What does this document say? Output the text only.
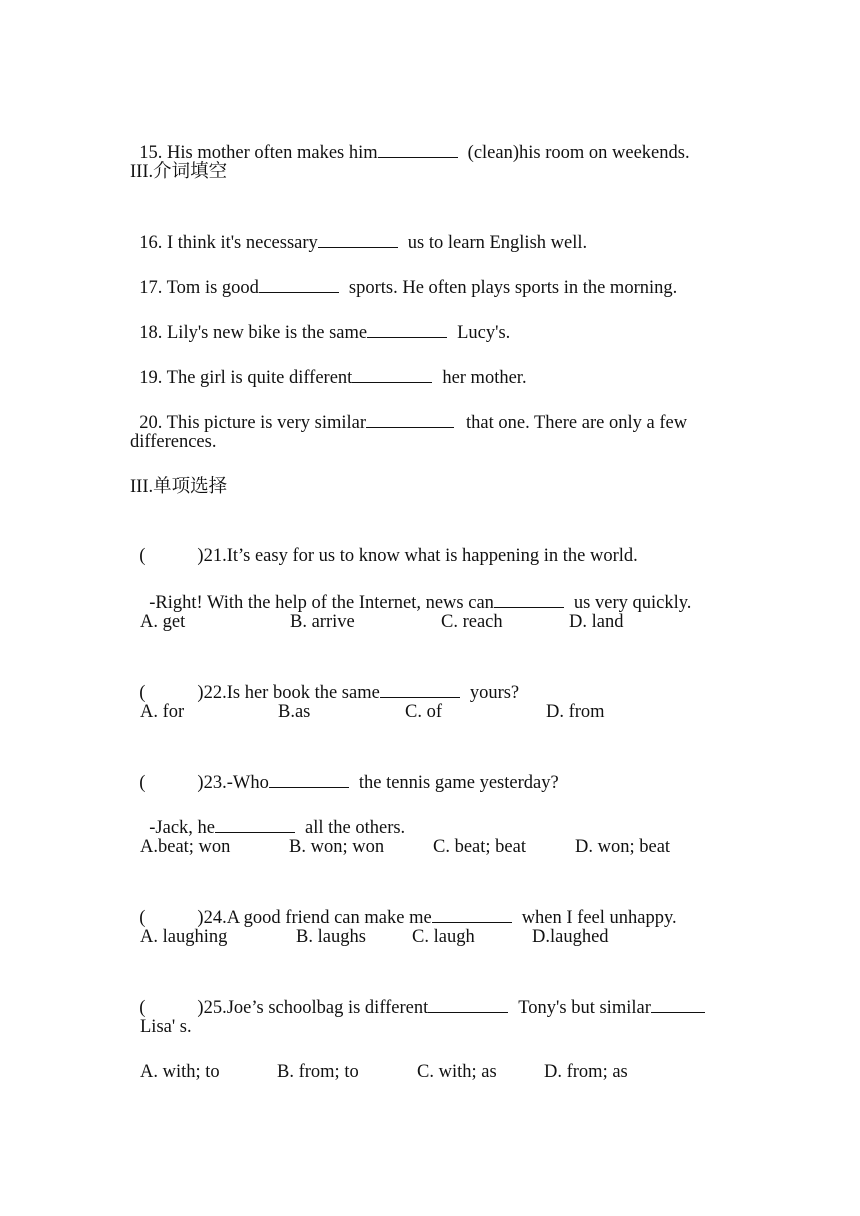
15. His mother often makes him	(clean)his room on weekends.

III.介词填空

16. I think it's necessary	us to learn English well.

17. Tom is good	sports. He often plays sports in the morning.

18. Lily's new bike is the same	Lucy's.

19. The girl is quite different	her mother.

20. This picture is very similar	that one. There are only a few

differences.
III.单项选择

(	)21.It’s easy for us to know what is happening in the world.

-Right! With the help of the Internet, news can	us very quickly.

A. get	B. arrive	C. reach	D. land

(	)22.Is her book the same	yours?

A. for	B.as	C. of	D. from

(	)23.-Who	the tennis game yesterday?

-Jack, he	all the others.

A.beat; won	B. won; won	C. beat; beat	D. won; beat

(	)24.A good friend can make me	when I feel unhappy.

A. laughing	B. laughs C. laugh	D.laughed

(	)25.Joe’s schoolbag is different	Tony's but similar

Lisa' s.
A. with; to	B. from; to	C. with; as	D. from; as
